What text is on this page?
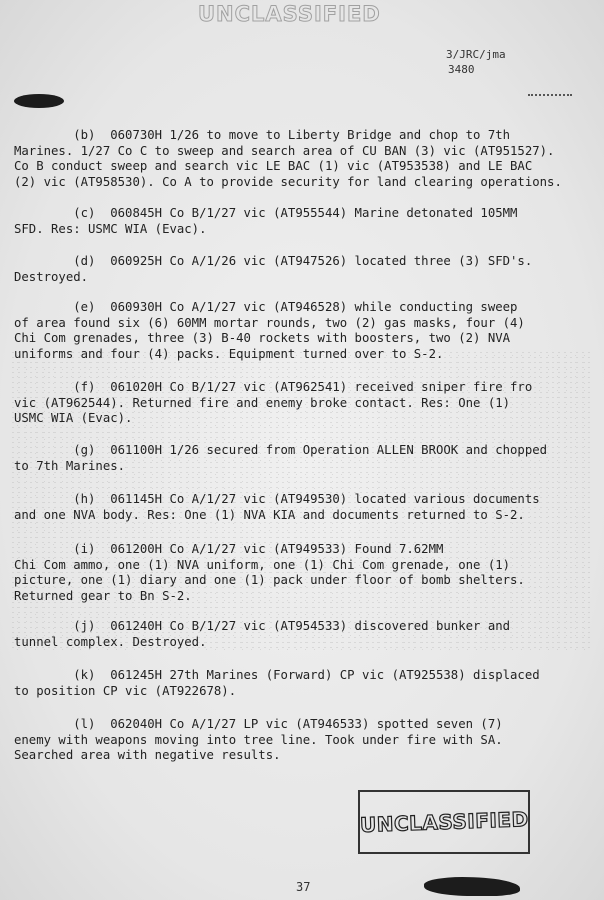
UNCLASSIFIED
3/JRC/jma
3480
(b)  060730H 1/26 to move to Liberty Bridge and chop to 7th
Marines. 1/27 Co C to sweep and search area of CU BAN (3) vic (AT951527).
Co B conduct sweep and search vic LE BAC (1) vic (AT953538) and LE BAC
(2) vic (AT958530). Co A to provide security for land clearing operations.
(c)  060845H Co B/1/27 vic (AT955544) Marine detonated 105MM
SFD. Res: USMC WIA (Evac).
(d)  060925H Co A/1/26 vic (AT947526) located three (3) SFD's.
Destroyed.
(e)  060930H Co A/1/27 vic (AT946528) while conducting sweep
of area found six (6) 60MM mortar rounds, two (2) gas masks, four (4)
Chi Com grenades, three (3) B-40 rockets with boosters, two (2) NVA
uniforms and four (4) packs. Equipment turned over to S-2.
(f)  061020H Co B/1/27 vic (AT962541) received sniper fire fro
vic (AT962544). Returned fire and enemy broke contact. Res: One (1)
USMC WIA (Evac).
(g)  061100H 1/26 secured from Operation ALLEN BROOK and chopped
to 7th Marines.
(h)  061145H Co A/1/27 vic (AT949530) located various documents
and one NVA body. Res: One (1) NVA KIA and documents returned to S-2.
(i)  061200H Co A/1/27 vic (AT949533) Found 7.62MM
Chi Com ammo, one (1) NVA uniform, one (1) Chi Com grenade, one (1)
picture, one (1) diary and one (1) pack under floor of bomb shelters.
Returned gear to Bn S-2.
(j)  061240H Co B/1/27 vic (AT954533) discovered bunker and
tunnel complex. Destroyed.
(k)  061245H 27th Marines (Forward) CP vic (AT925538) displaced
to position CP vic (AT922678).
(l)  062040H Co A/1/27 LP vic (AT946533) spotted seven (7)
enemy with weapons moving into tree line. Took under fire with SA.
Searched area with negative results.
UNCLASSIFIED
37
